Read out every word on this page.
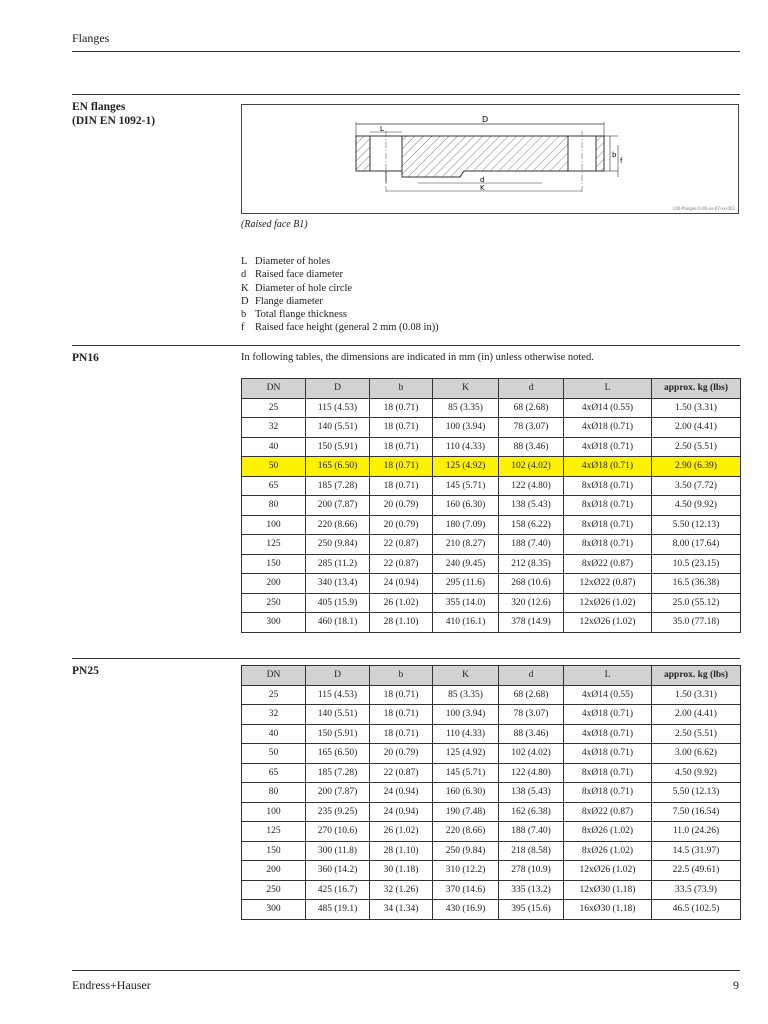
Flanges
EN flanges
(DIN EN 1092-1)	D
L
b
f
d
K
L00-flanges-0-06-xx-07-xx-002
(Raised face B1)
L Diameter of holes
d Raised face diameter
K Diameter of hole circle
D Flange diameter
b Total flange thickness
f Raised face height (general 2 mm (0.08 in))
PN16	In following tables, the dimensions are indicated in mm (in) unless otherwise noted.
DN	D	b	K	d	L	approx. kg (lbs)
25	115 (4.53)	18 (0.71)	85 (3.35)	68 (2.68)	4xØ14 (0.55)	1.50 (3.31)
32	140 (5.51)	18 (0.71)	100 (3.94)	78 (3.07)	4xØ18 (0.71)	2.00 (4.41)
40	150 (5.91)	18 (0.71)	110 (4.33)	88 (3.46)	4xØ18 (0.71)	2.50 (5.51)
50	165 (6.50)	18 (0.71)	125 (4.92)	102 (4.02)	4xØ18 (0.71)	2.90 (6.39)
65	185 (7.28)	18 (0.71)	145 (5.71)	122 (4.80)	8xØ18 (0.71)	3.50 (7.72)
80	200 (7.87)	20 (0.79)	160 (6.30)	138 (5.43)	8xØ18 (0.71)	4.50 (9.92)
100	220 (8.66)	20 (0.79)	180 (7.09)	158 (6.22)	8xØ18 (0.71)	5.50 (12.13)
125	250 (9.84)	22 (0.87)	210 (8.27)	188 (7.40)	8xØ18 (0.71)	8.00 (17.64)
150	285 (11.2)	22 (0.87)	240 (9.45)	212 (8.35)	8xØ22 (0.87)	10.5 (23.15)
200	340 (13.4)	24 (0.94)	295 (11.6)	268 (10.6)	12xØ22 (0.87)	16.5 (36.38)
250	405 (15.9)	26 (1.02)	355 (14.0)	320 (12.6)	12xØ26 (1.02)	25.0 (55.12)
300	460 (18.1)	28 (1.10)	410 (16.1)	378 (14.9)	12xØ26 (1.02)	35.0 (77.18)
PN25	DN	D	b	K	d	L	approx. kg (lbs)
25	115 (4.53)	18 (0.71)	85 (3.35)	68 (2.68)	4xØ14 (0.55)	1.50 (3.31)
32	140 (5.51)	18 (0.71)	100 (3.94)	78 (3.07)	4xØ18 (0.71)	2.00 (4.41)
40	150 (5.91)	18 (0.71)	110 (4.33)	88 (3.46)	4xØ18 (0.71)	2.50 (5.51)
50	165 (6.50)	20 (0.79)	125 (4.92)	102 (4.02)	4xØ18 (0.71)	3.00 (6.62)
65	185 (7.28)	22 (0.87)	145 (5.71)	122 (4.80)	8xØ18 (0.71)	4.50 (9.92)
80	200 (7.87)	24 (0.94)	160 (6.30)	138 (5.43)	8xØ18 (0.71)	5.50 (12.13)
100	235 (9.25)	24 (0.94)	190 (7.48)	162 (6.38)	8xØ22 (0.87)	7.50 (16.54)
125	270 (10.6)	26 (1.02)	220 (8.66)	188 (7.40)	8xØ26 (1.02)	11.0 (24.26)
150	300 (11.8)	28 (1.10)	250 (9.84)	218 (8.58)	8xØ26 (1.02)	14.5 (31.97)
200	360 (14.2)	30 (1.18)	310 (12.2)	278 (10.9)	12xØ26 (1.02)	22.5 (49.61)
250	425 (16.7)	32 (1.26)	370 (14.6)	335 (13.2)	12xØ30 (1.18)	33.5 (73.9)
300	485 (19.1)	34 (1.34)	430 (16.9)	395 (15.6)	16xØ30 (1.18)	46.5 (102.5)
Endress+Hauser	9
